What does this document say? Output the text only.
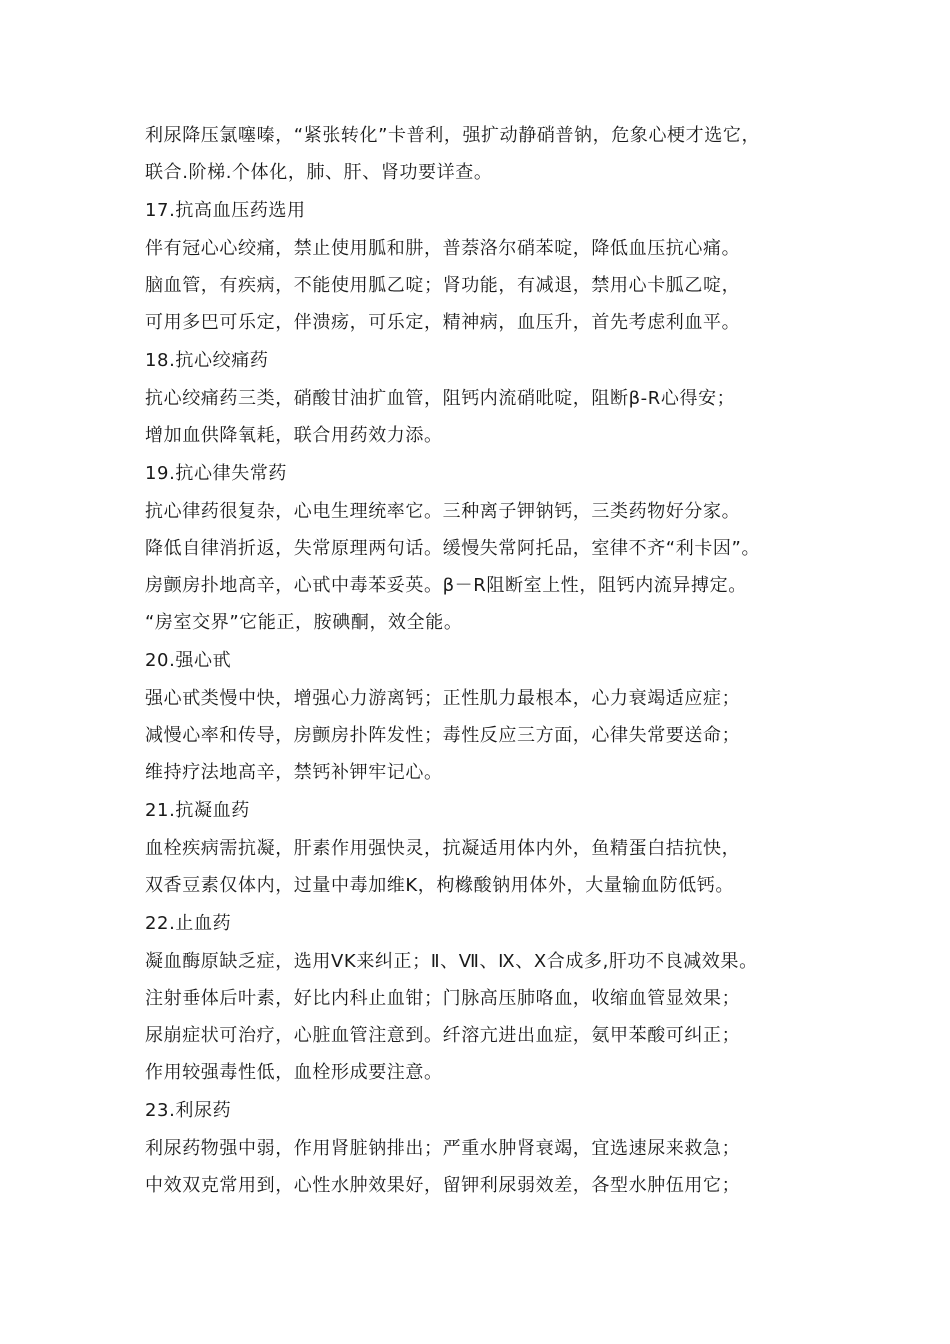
利尿降压氯噻嗪，“紧张转化”卡普利，强扩动静硝普钠，危象心梗才选它，
联合.阶梯.个体化，肺、肝、肾功要详查。
17.抗高血压药选用
伴有冠心心绞痛，禁止使用胍和肼，普萘洛尔硝苯啶，降低血压抗心痛。
脑血管，有疾病，不能使用胍乙啶；肾功能，有减退，禁用心卡胍乙啶，
可用多巴可乐定，伴溃疡，可乐定，精神病，血压升，首先考虑利血平。
18.抗心绞痛药
抗心绞痛药三类，硝酸甘油扩血管，阻钙内流硝吡啶，阻断β-R心得安；
增加血供降氧耗，联合用药效力添。
19.抗心律失常药
抗心律药很复杂，心电生理统率它。三种离子钾钠钙，三类药物好分家。
降低自律消折返，失常原理两句话。缓慢失常阿托品，室律不齐“利卡因”。
房颤房扑地高辛，心甙中毒苯妥英。β－R阻断室上性，阻钙内流异搏定。
“房室交界”它能正，胺碘酮，效全能。
20.强心甙
强心甙类慢中快，增强心力游离钙；正性肌力最根本，心力衰竭适应症；
减慢心率和传导，房颤房扑阵发性；毒性反应三方面，心律失常要送命；
维持疗法地高辛，禁钙补钾牢记心。
21.抗凝血药
血栓疾病需抗凝，肝素作用强快灵，抗凝适用体内外，鱼精蛋白拮抗快，
双香豆素仅体内，过量中毒加维K，枸橼酸钠用体外，大量输血防低钙。
22.止血药
凝血酶原缺乏症，选用VK来纠正；Ⅱ、Ⅶ、Ⅸ、Ⅹ合成多,肝功不良减效果。
注射垂体后叶素，好比内科止血钳；门脉高压肺咯血，收缩血管显效果；
尿崩症状可治疗，心脏血管注意到。纤溶亢进出血症，氨甲苯酸可纠正；
作用较强毒性低，血栓形成要注意。
23.利尿药
利尿药物强中弱，作用肾脏钠排出；严重水肿肾衰竭，宜选速尿来救急；
中效双克常用到，心性水肿效果好，留钾利尿弱效差，各型水肿伍用它；
